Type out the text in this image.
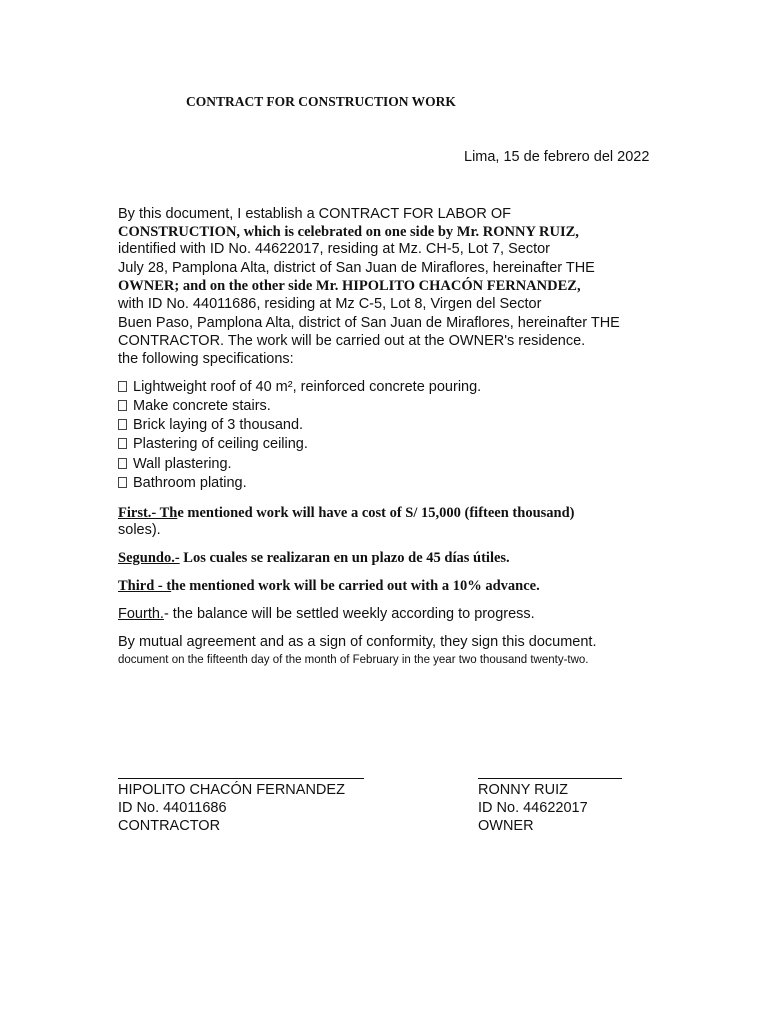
CONTRACT FOR CONSTRUCTION WORK
Lima, 15 de febrero del 2022
By this document, I establish a CONTRACT FOR LABOR OF
CONSTRUCTION, which is celebrated on one side by Mr. RONNY RUIZ,
identified with ID No. 44622017, residing at Mz. CH-5, Lot 7, Sector
July 28, Pamplona Alta, district of San Juan de Miraflores, hereinafter THE
OWNER; and on the other side Mr. HIPOLITO CHACÓN FERNANDEZ,
with ID No. 44011686, residing at Mz C-5, Lot 8, Virgen del Sector
Buen Paso, Pamplona Alta, district of San Juan de Miraflores, hereinafter THE
CONTRACTOR. The work will be carried out at the OWNER's residence.
the following specifications:
Lightweight roof of 40 m², reinforced concrete pouring.
Make concrete stairs.
Brick laying of 3 thousand.
Plastering of ceiling ceiling.
Wall plastering.
Bathroom plating.
First.- The mentioned work will have a cost of S/ 15,000 (fifteen thousand)
soles).
Segundo.- Los cuales se realizaran en un plazo de 45 días útiles.
Third - the mentioned work will be carried out with a 10% advance.
Fourth.- the balance will be settled weekly according to progress.
By mutual agreement and as a sign of conformity, they sign this document.
document on the fifteenth day of the month of February in the year two thousand twenty-two.
HIPOLITO CHACÓN FERNANDEZ
ID No. 44011686
CONTRACTOR
RONNY RUIZ
ID No. 44622017
OWNER
